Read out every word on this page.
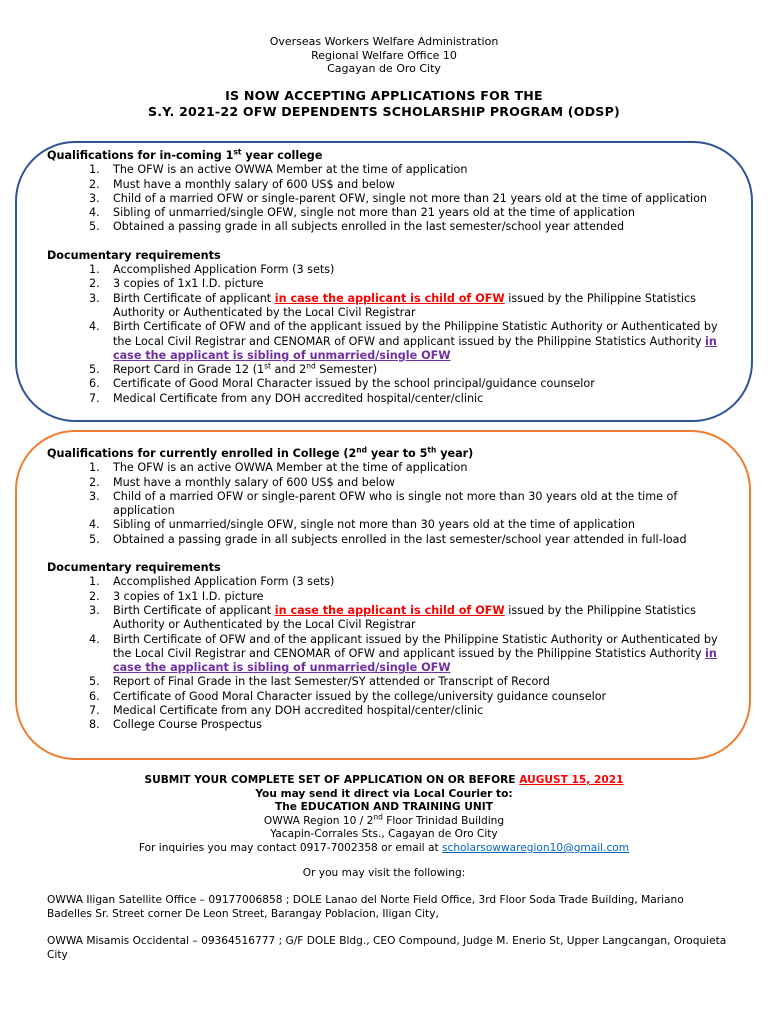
Overseas Workers Welfare Administration
Regional Welfare Office 10
Cagayan de Oro City
IS NOW ACCEPTING APPLICATIONS FOR THE
S.Y. 2021-22 OFW DEPENDENTS SCHOLARSHIP PROGRAM (ODSP)
Qualifications for in-coming 1st year college
1. The OFW is an active OWWA Member at the time of application
2. Must have a monthly salary of 600 US$ and below
3. Child of a married OFW or single-parent OFW, single not more than 21 years old at the time of application
4. Sibling of unmarried/single OFW, single not more than 21 years old at the time of application
5. Obtained a passing grade in all subjects enrolled in the last semester/school year attended
Documentary requirements
1. Accomplished Application Form (3 sets)
2. 3 copies of 1x1 I.D. picture
3. Birth Certificate of applicant in case the applicant is child of OFW issued by the Philippine Statistics Authority or Authenticated by the Local Civil Registrar
4. Birth Certificate of OFW and of the applicant issued by the Philippine Statistic Authority or Authenticated by the Local Civil Registrar and CENOMAR of OFW and applicant issued by the Philippine Statistics Authority in case the applicant is sibling of unmarried/single OFW
5. Report Card in Grade 12 (1st and 2nd Semester)
6. Certificate of Good Moral Character issued by the school principal/guidance counselor
7. Medical Certificate from any DOH accredited hospital/center/clinic
Qualifications for currently enrolled in College (2nd year to 5th year)
1. The OFW is an active OWWA Member at the time of application
2. Must have a monthly salary of 600 US$ and below
3. Child of a married OFW or single-parent OFW who is single not more than 30 years old at the time of application
4. Sibling of unmarried/single OFW, single not more than 30 years old at the time of application
5. Obtained a passing grade in all subjects enrolled in the last semester/school year attended in full-load
Documentary requirements
1. Accomplished Application Form (3 sets)
2. 3 copies of 1x1 I.D. picture
3. Birth Certificate of applicant in case the applicant is child of OFW issued by the Philippine Statistics Authority or Authenticated by the Local Civil Registrar
4. Birth Certificate of OFW and of the applicant issued by the Philippine Statistic Authority or Authenticated by the Local Civil Registrar and CENOMAR of OFW and applicant issued by the Philippine Statistics Authority in case the applicant is sibling of unmarried/single OFW
5. Report of Final Grade in the last Semester/SY attended or Transcript of Record
6. Certificate of Good Moral Character issued by the college/university guidance counselor
7. Medical Certificate from any DOH accredited hospital/center/clinic
8. College Course Prospectus
SUBMIT YOUR COMPLETE SET OF APPLICATION ON OR BEFORE AUGUST 15, 2021
You may send it direct via Local Courier to:
The EDUCATION AND TRAINING UNIT
OWWA Region 10 / 2nd Floor Trinidad Building
Yacapin-Corrales Sts., Cagayan de Oro City
For inquiries you may contact 0917-7002358 or email at scholarsowwaregion10@gmail.com
Or you may visit the following:
OWWA Iligan Satellite Office – 09177006858 ; DOLE Lanao del Norte Field Office, 3rd Floor Soda Trade Building, Mariano Badelles Sr. Street corner De Leon Street, Barangay Poblacion, Iligan City,
OWWA Misamis Occidental – 09364516777 ; G/F DOLE Bldg., CEO Compound, Judge M. Enerio St, Upper Langcangan, Oroquieta City
